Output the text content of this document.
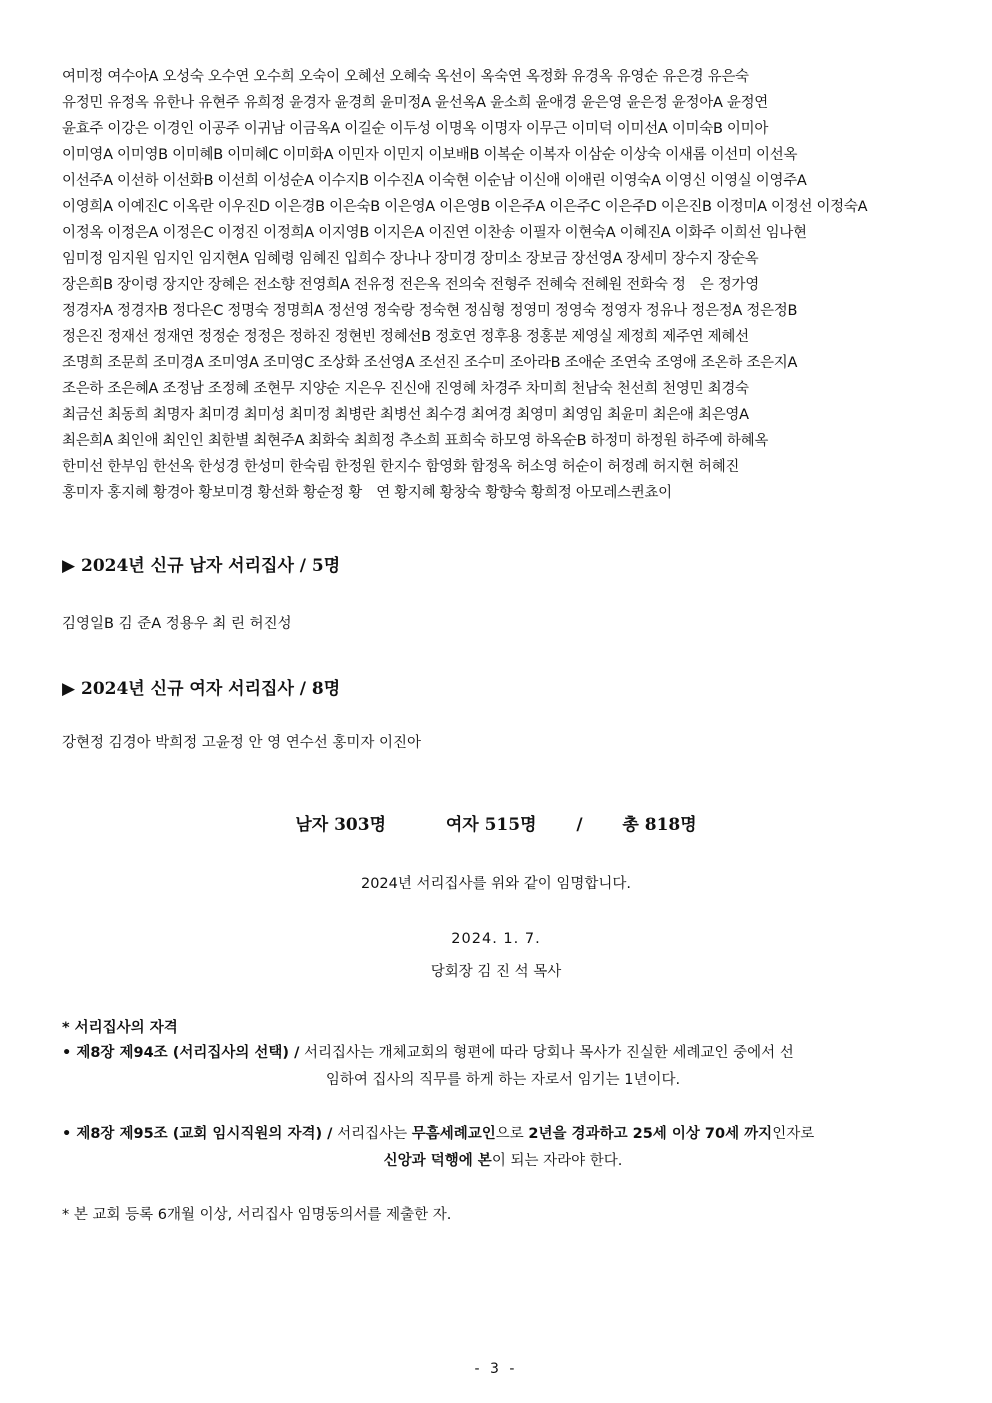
여미정 여수아A 오성숙 오수연 오수희 오숙이 오혜선 오혜숙 옥선이 옥숙연 옥정화 유경옥 유영순 유은경 유은숙
유정민 유정옥 유한나 유현주 유희정 윤경자 윤경희 윤미정A 윤선옥A 윤소희 윤애경 윤은영 윤은정 윤정아A 윤정연
윤효주 이강은 이경인 이공주 이귀남 이금옥A 이길순 이두성 이명옥 이명자 이무근 이미덕 이미선A 이미숙B 이미아
이미영A 이미영B 이미혜B 이미혜C 이미화A 이민자 이민지 이보배B 이복순 이복자 이삼순 이상숙 이새롬 이선미 이선옥
이선주A 이선하 이선화B 이선희 이성순A 이수지B 이수진A 이숙현 이순남 이신애 이애린 이영숙A 이영신 이영실 이영주A
이영희A 이예진C 이옥란 이우진D 이은경B 이은숙B 이은영A 이은영B 이은주A 이은주C 이은주D 이은진B 이정미A 이정선 이정숙A
이정옥 이정은A 이정은C 이정진 이정희A 이지영B 이지은A 이진연 이찬송 이필자 이현숙A 이혜진A 이화주 이희선 임나현
임미정 임지원 임지인 임지현A 임혜령 임혜진 입희수 장나나 장미경 장미소 장보금 장선영A 장세미 장수지 장순옥
장은희B 장이령 장지안 장혜은 전소향 전영희A 전유정 전은옥 전의숙 전형주 전혜숙 전혜원 전화숙 정　은 정가영
정경자A 정경자B 정다은C 정명숙 정명희A 정선영 정숙랑 정숙현 정심형 정영미 정영숙 정영자 정유나 정은정A 정은정B
정은진 정재선 정재연 정정순 정정은 정하진 정현빈 정혜선B 정호연 정후용 정홍분 제영실 제정희 제주연 제혜선
조명희 조문희 조미경A 조미영A 조미영C 조상화 조선영A 조선진 조수미 조아라B 조애순 조연숙 조영애 조온하 조은지A
조은하 조은혜A 조정남 조정혜 조현무 지양순 지은우 진신애 진영혜 차경주 차미희 천남숙 천선희 천영민 최경숙
최금선 최동희 최명자 최미경 최미성 최미정 최병란 최병선 최수경 최여경 최영미 최영임 최윤미 최은애 최은영A
최은희A 최인애 최인인 최한별 최현주A 최화숙 최희정 추소희 표희숙 하모영 하옥순B 하정미 하정원 하주예 하혜옥
한미선 한부임 한선옥 한성경 한성미 한숙림 한정원 한지수 함영화 함정옥 허소영 허순이 허정례 허지현 허혜진
홍미자 홍지혜 황경아 황보미경 황선화 황순정 황　연 황지혜 황창숙 황향숙 황희정 아모레스퀸쵸이
▶ 2024년 신규 남자 서리집사 / 5명
김영일B 김 준A 정용우 최 린 허진성
▶ 2024년 신규 여자 서리집사 / 8명
강현정 김경아 박희정 고윤정 안 영 연수선 홍미자 이진아
남자 303명	여자 515명 / 총 818명
2024년 서리집사를 위와 같이 임명합니다.
2024. 1. 7.
당회장 김 진 석 목사
* 서리집사의 자격
• 제8장 제94조 (서리집사의 선택) / 서리집사는 개체교회의 형편에 따라 당회나 목사가 진실한 세례교인 중에서 선
임하여 집사의 직무를 하게 하는 자로서 임기는 1년이다.
• 제8장 제95조 (교회 임시직원의 자격) / 서리집사는 무흠세례교인으로 2년을 경과하고 25세 이상 70세 까지인자로
신앙과 덕행에 본이 되는 자라야 한다.
* 본 교회 등록 6개월 이상, 서리집사 임명동의서를 제출한 자.
- 3 -
